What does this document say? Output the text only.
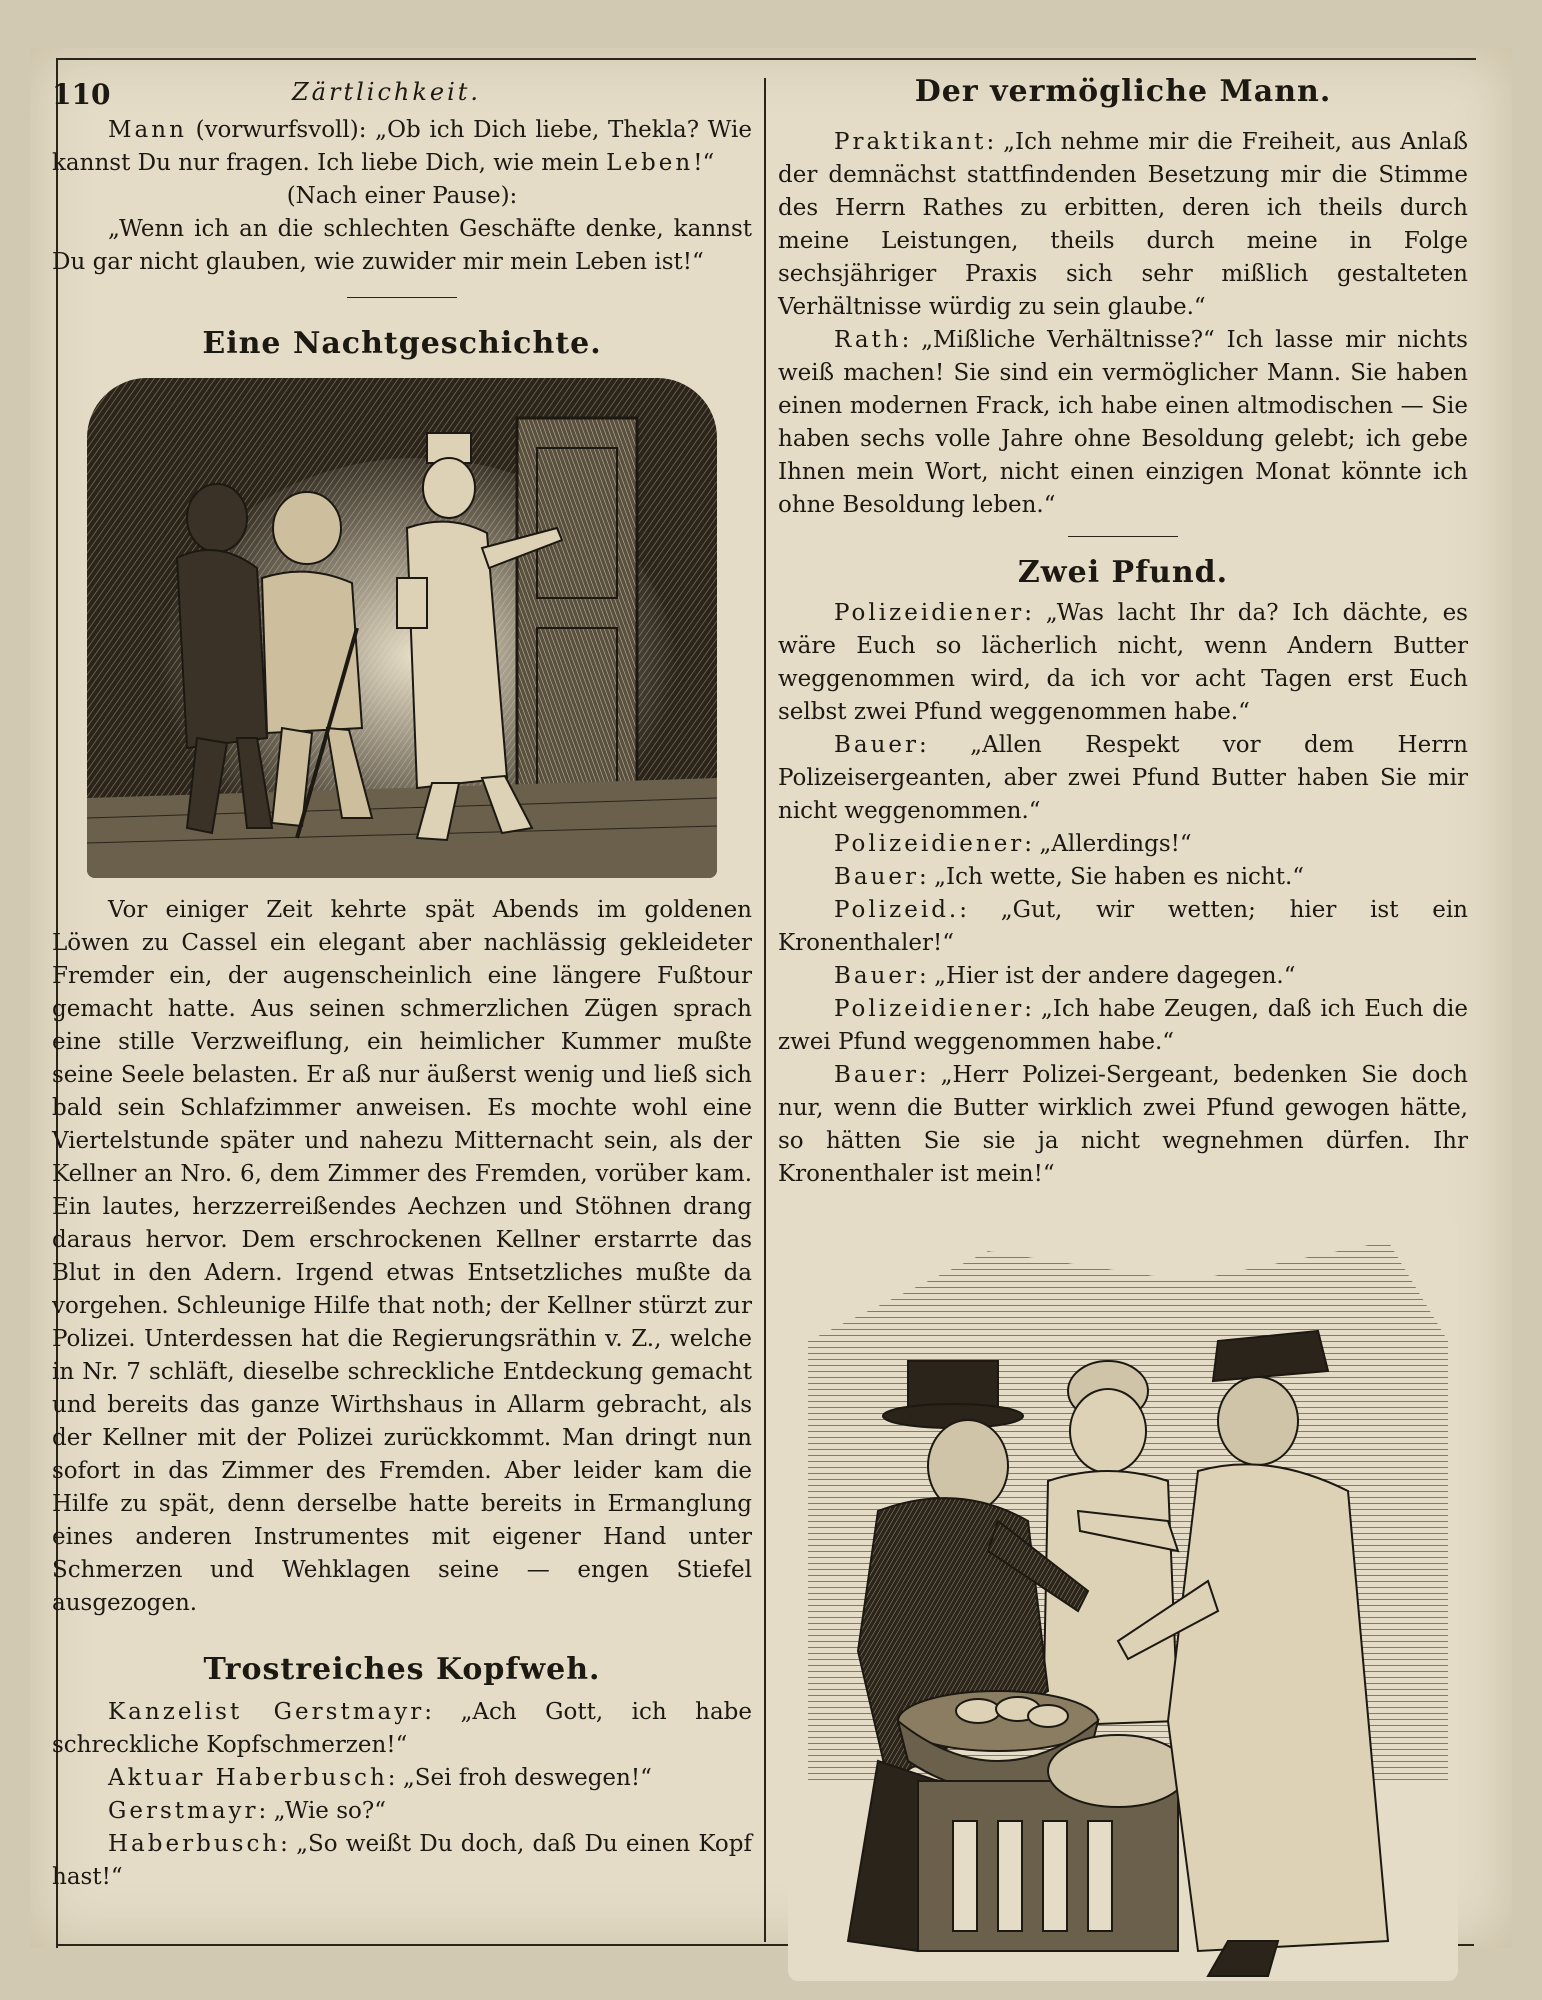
110	Zärtlichkeit.

Mann (vorwurfsvoll): „Ob ich Dich liebe, Thekla? Wie kannst Du nur fragen. Ich liebe Dich, wie mein Leben!“

(Nach einer Pause):

„Wenn ich an die schlechten Geschäfte denke, kannst Du gar nicht glauben, wie zuwider mir mein Leben ist!“

Eine Nachtgeschichte.

Vor einiger Zeit kehrte spät Abends im goldenen Löwen zu Cassel ein elegant aber nachlässig gekleideter Fremder ein, der augenscheinlich eine längere Fußtour gemacht hatte. Aus seinen schmerzlichen Zügen sprach eine stille Verzweiflung, ein heimlicher Kummer mußte seine Seele belasten. Er aß nur äußerst wenig und ließ sich bald sein Schlafzimmer anweisen. Es mochte wohl eine Viertelstunde später und nahezu Mitternacht sein, als der Kellner an Nro. 6, dem Zimmer des Fremden, vorüber kam. Ein lautes, herzzerreißendes Aechzen und Stöhnen drang daraus hervor. Dem erschrockenen Kellner erstarrte das Blut in den Adern. Irgend etwas Entsetzliches mußte da vorgehen. Schleunige Hilfe that noth; der Kellner stürzt zur Polizei. Unterdessen hat die Regierungsräthin v. Z., welche in Nr. 7 schläft, dieselbe schreckliche Entdeckung gemacht und bereits das ganze Wirthshaus in Allarm gebracht, als der Kellner mit der Polizei zurückkommt. Man dringt nun sofort in das Zimmer des Fremden. Aber leider kam die Hilfe zu spät, denn derselbe hatte bereits in Ermanglung eines anderen Instrumentes mit eigener Hand unter Schmerzen und Wehklagen seine — engen Stiefel ausgezogen.

Trostreiches Kopfweh.

Kanzelist Gerstmayr: „Ach Gott, ich habe schreckliche Kopfschmerzen!“

Aktuar Haberbusch: „Sei froh deswegen!“

Gerstmayr: „Wie so?“

Haberbusch: „So weißt Du doch, daß Du einen Kopf hast!“

Der vermögliche Mann.

Praktikant: „Ich nehme mir die Freiheit, aus Anlaß der demnächst stattfindenden Besetzung mir die Stimme des Herrn Rathes zu erbitten, deren ich theils durch meine Leistungen, theils durch meine in Folge sechsjähriger Praxis sich sehr mißlich gestalteten Verhältnisse würdig zu sein glaube.“

Rath: „Mißliche Verhältnisse?“ Ich lasse mir nichts weiß machen! Sie sind ein vermöglicher Mann. Sie haben einen modernen Frack, ich habe einen altmodischen — Sie haben sechs volle Jahre ohne Besoldung gelebt; ich gebe Ihnen mein Wort, nicht einen einzigen Monat könnte ich ohne Besoldung leben.“

Zwei Pfund.

Polizeidiener: „Was lacht Ihr da? Ich dächte, es wäre Euch so lächerlich nicht, wenn Andern Butter weggenommen wird, da ich vor acht Tagen erst Euch selbst zwei Pfund weggenommen habe.“

Bauer: „Allen Respekt vor dem Herrn Polizeisergeanten, aber zwei Pfund Butter haben Sie mir nicht weggenommen.“

Polizeidiener: „Allerdings!“

Bauer: „Ich wette, Sie haben es nicht.“

Polizeid.: „Gut, wir wetten; hier ist ein Kronenthaler!“

Bauer: „Hier ist der andere dagegen.“

Polizeidiener: „Ich habe Zeugen, daß ich Euch die zwei Pfund weggenommen habe.“

Bauer: „Herr Polizei-Sergeant, bedenken Sie doch nur, wenn die Butter wirklich zwei Pfund gewogen hätte, so hätten Sie sie ja nicht wegnehmen dürfen. Ihr Kronenthaler ist mein!“
